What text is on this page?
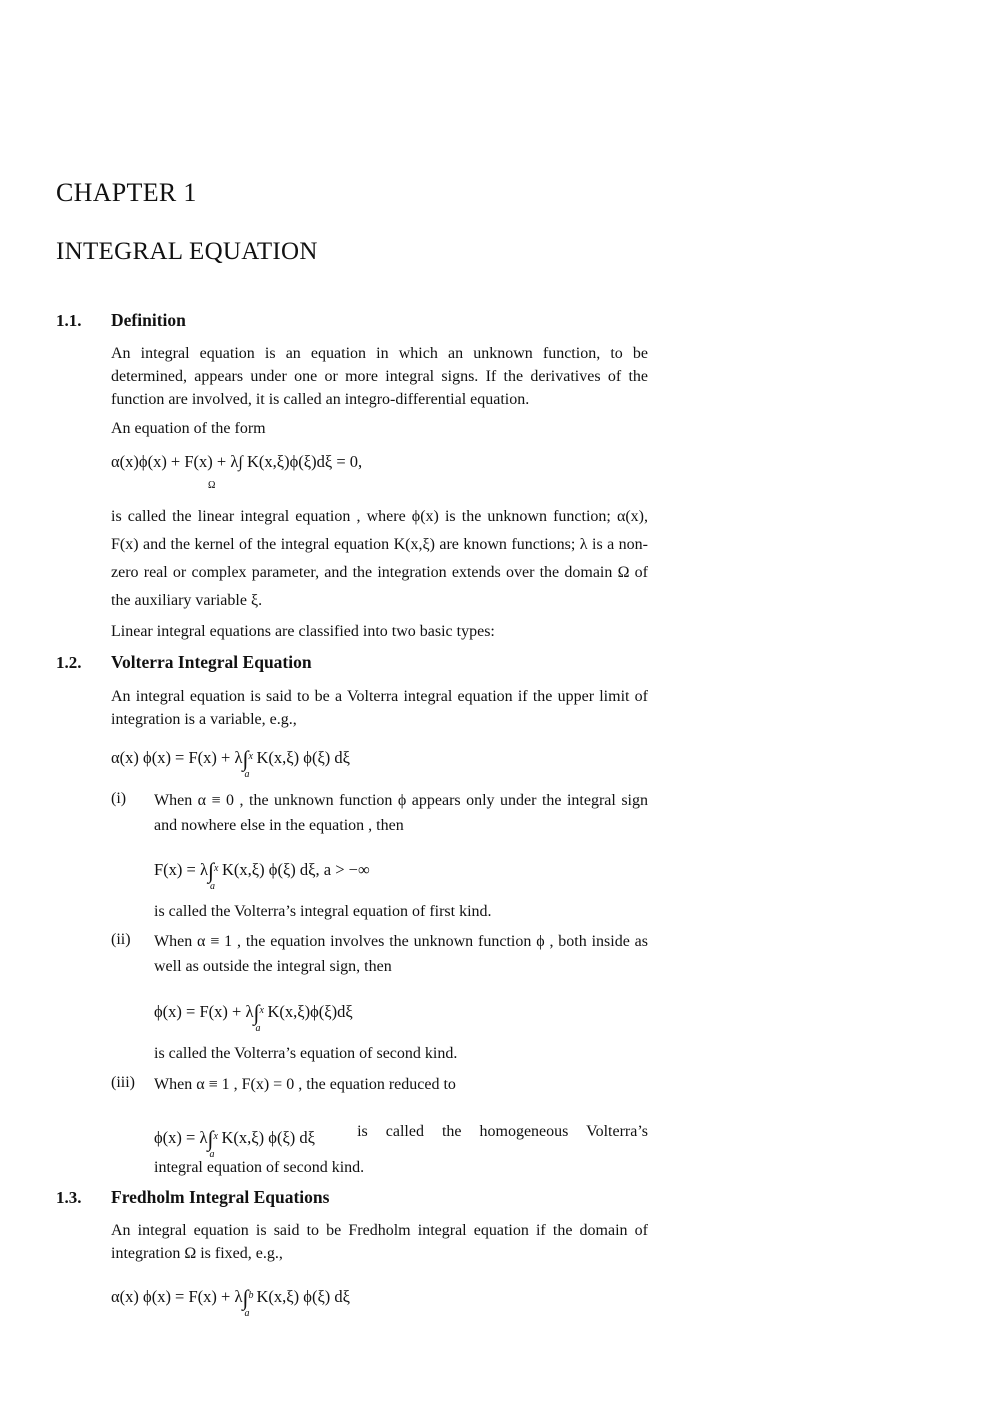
CHAPTER 1
INTEGRAL EQUATION
1.1. Definition
An integral equation is an equation in which an unknown function, to be determined, appears under one or more integral signs. If the derivatives of the function are involved, it is called an integro-differential equation.
An equation of the form
α(x)ϕ(x) + F(x) + λ∫ K(x,ξ)ϕ(ξ)dξ = 0,
Ω
is called the linear integral equation , where ϕ(x) is the unknown function; α(x), F(x) and the kernel of the integral equation K(x,ξ) are known functions; λ is a non-zero real or complex parameter, and the integration extends over the domain Ω of the auxiliary variable ξ.
Linear integral equations are classified into two basic types:
1.2. Volterra Integral Equation
An integral equation is said to be a Volterra integral equation if the upper limit of integration is a variable, e.g.,
α(x) ϕ(x) = F(x) + λ∫ x
a
K(x,ξ) ϕ(ξ) dξ
(i) When α ≡ 0 , the unknown function ϕ appears only under the integral sign and nowhere else in the equation , then
F(x) = λ∫ x
a
K(x,ξ) ϕ(ξ) dξ, a > −∞
is called the Volterra’s integral equation of first kind.
(ii) When α ≡ 1 , the equation involves the unknown function ϕ , both inside as well as outside the integral sign, then
ϕ(x) = F(x) + λ∫ x
a
K(x,ξ)ϕ(ξ)dξ
is called the Volterra’s equation of second kind.
(iii) When α ≡ 1 , F(x) = 0 , the equation reduced to
ϕ(x) = λ∫ x
a
K(x,ξ) ϕ(ξ) dξ	is called the homogeneous Volterra’s
integral equation of second kind.
1.3. Fredholm Integral Equations
An integral equation is said to be Fredholm integral equation if the domain of integration Ω is fixed, e.g.,
α(x) ϕ(x) = F(x) + λ∫ b
a
K(x,ξ) ϕ(ξ) dξ
